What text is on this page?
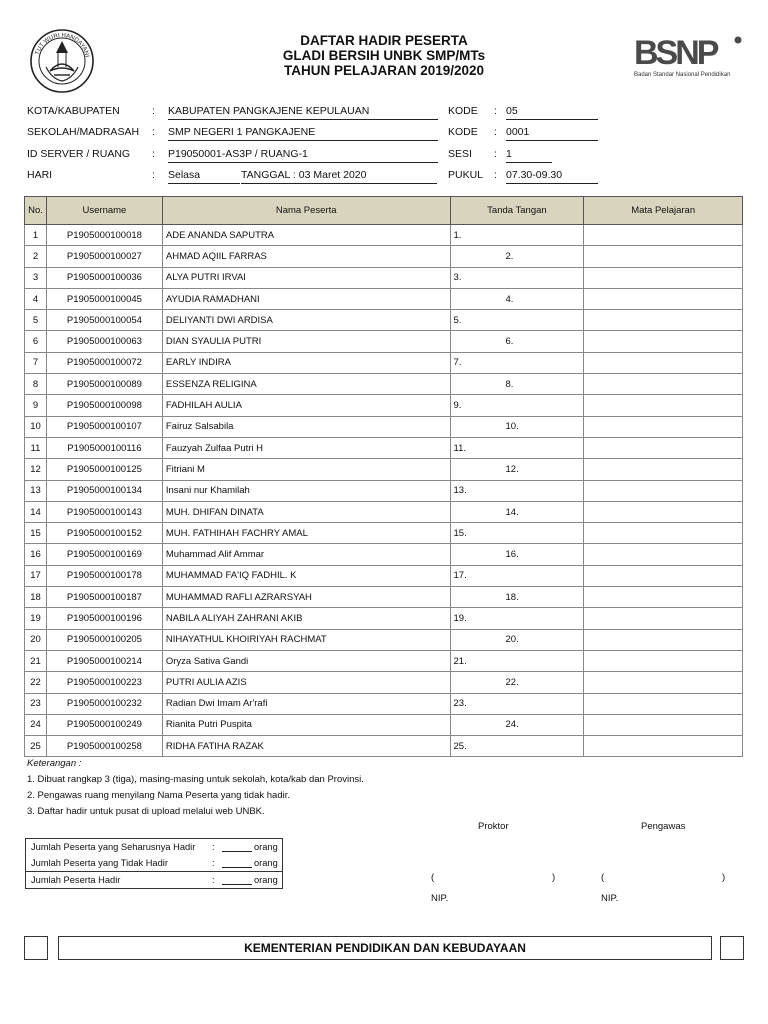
TUT WURI HANDAYANI	BSNP
Badan Standar Nasional Pendidikan
DAFTAR HADIR PESERTA
GLADI BERSIH UNBK SMP/MTs
TAHUN PELAJARAN 2019/2020
KOTA/KABUPATEN	: KABUPATEN PANGKAJENE KEPULAUAN	KODE : 05
SEKOLAH/MADRASAH : SMP NEGERI 1 PANGKAJENE	KODE : 0001
ID SERVER / RUANG : P19050001-AS3P / RUANG-1	SESI : 1
HARI	: Selasa	TANGGAL : 03 Maret 2020	PUKUL : 07.30-09.30
No.	Username	Nama Peserta	Tanda Tangan	Mata Pelajaran
1	P1905000100018	ADE ANANDA SAPUTRA	1.	
2	P1905000100027	AHMAD AQIIL FARRAS	2.	
3	P1905000100036	ALYA PUTRI IRVAI	3.	
4	P1905000100045	AYUDIA RAMADHANI	4.	
5	P1905000100054	DELIYANTI DWI ARDISA	5.	
6	P1905000100063	DIAN SYAULIA PUTRI	6.	
7	P1905000100072	EARLY INDIRA	7.	
8	P1905000100089	ESSENZA RELIGINA	8.	
9	P1905000100098	FADHILAH AULIA	9.	
10	P1905000100107	Fairuz Salsabila	10.	
11	P1905000100116	Fauzyah Zulfaa Putri H	11.	
12	P1905000100125	Fitriani M	12.	
13	P1905000100134	Insani nur Khamilah	13.	
14	P1905000100143	MUH. DHIFAN DINATA	14.	
15	P1905000100152	MUH. FATHIHAH FACHRY AMAL	15.	
16	P1905000100169	Muhammad Alif Ammar	16.	
17	P1905000100178	MUHAMMAD FA'IQ FADHIL. K	17.	
18	P1905000100187	MUHAMMAD RAFLI AZRARSYAH	18.	
19	P1905000100196	NABILA ALIYAH ZAHRANI AKIB	19.	
20	P1905000100205	NIHAYATHUL KHOIRIYAH RACHMAT	20.	
21	P1905000100214	Oryza Sativa Gandi	21.	
22	P1905000100223	PUTRI AULIA AZIS	22.	
23	P1905000100232	Radian Dwi Imam Ar'rafi	23.	
24	P1905000100249	Rianita Putri Puspita	24.	
25	P1905000100258	RIDHA FATIHA RAZAK	25.	
Keterangan :
1. Dibuat rangkap 3 (tiga), masing-masing untuk sekolah, kota/kab dan Provinsi.
2. Pengawas ruang menyilang Nama Peserta yang tidak hadir.
3. Daftar hadir untuk pusat di upload melalui web UNBK.
Jumlah Peserta yang Seharusnya Hadir :	orang
Jumlah Peserta yang Tidak Hadir	:	orang
Jumlah Peserta Hadir	:	orang
Proktor	Pengawas
(	)	(	)
NIP.	NIP.
KEMENTERIAN PENDIDIKAN DAN KEBUDAYAAN
